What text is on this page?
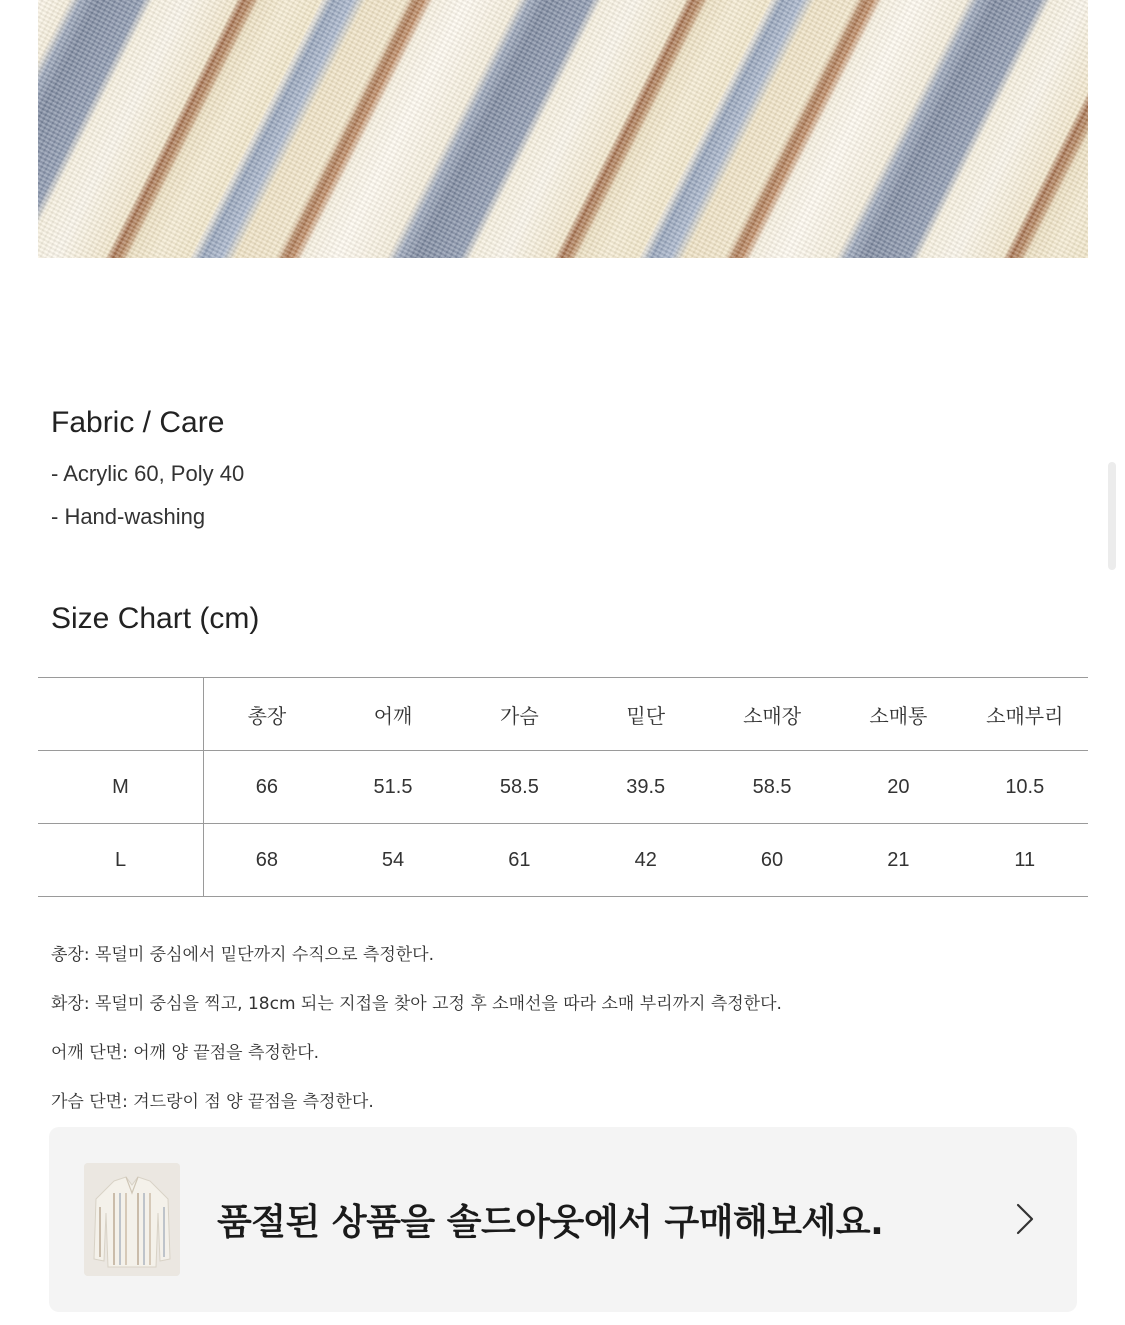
Fabric / Care
- Acrylic 60, Poly 40
- Hand-washing
Size Chart (cm)
	총장	어깨	가슴	밑단	소매장	소매통	소매부리
M	66	51.5	58.5	39.5	58.5	20	10.5
L	68	54	61	42	60	21	11
총장: 목덜미 중심에서 밑단까지 수직으로 측정한다.
화장: 목덜미 중심을 찍고, 18cm 되는 지접을 찾아 고정 후 소매선을 따라 소매 부리까지 측정한다.
어깨 단면: 어깨 양 끝점을 측정한다.
가슴 단면: 겨드랑이 점 양 끝점을 측정한다.
품절된 상품을 솔드아웃에서 구매해보세요.
